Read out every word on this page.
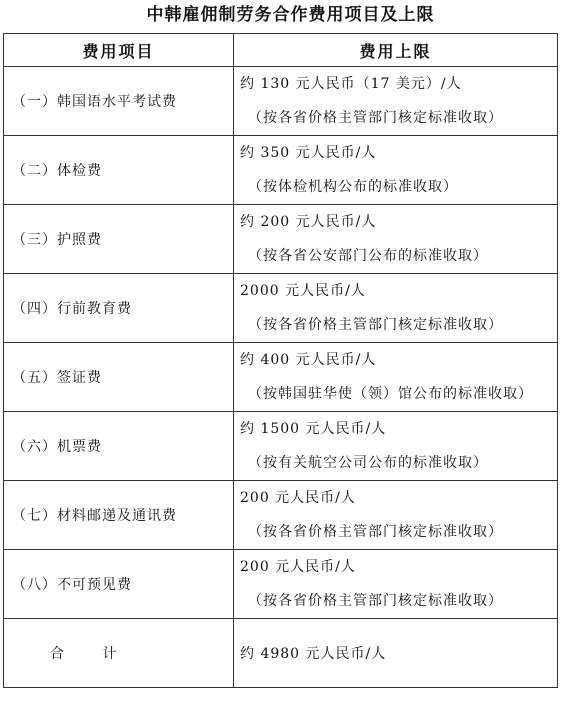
中韩雇佣制劳务合作费用项目及上限
费用项目	费用上限
（一）韩国语水平考试费	约 130 元人民币（17 美元）/人
（按各省价格主管部门核定标准收取）

（二）体检费	约 350 元人民币/人
（按体检机构公布的标准收取）

（三）护照费	约 200 元人民币/人
（按各省公安部门公布的标准收取）

（四）行前教育费	2000 元人民币/人
（按各省价格主管部门核定标准收取）

（五）签证费	约 400 元人民币/人
（按韩国驻华使（领）馆公布的标准收取）

（六）机票费	约 1500 元人民币/人
（按有关航空公司公布的标准收取）

（七）材料邮递及通讯费	200 元人民币/人
（按各省价格主管部门核定标准收取）

（八）不可预见费	200 元人民币/人
（按各省价格主管部门核定标准收取）

合 计	约 4980 元人民币/人
